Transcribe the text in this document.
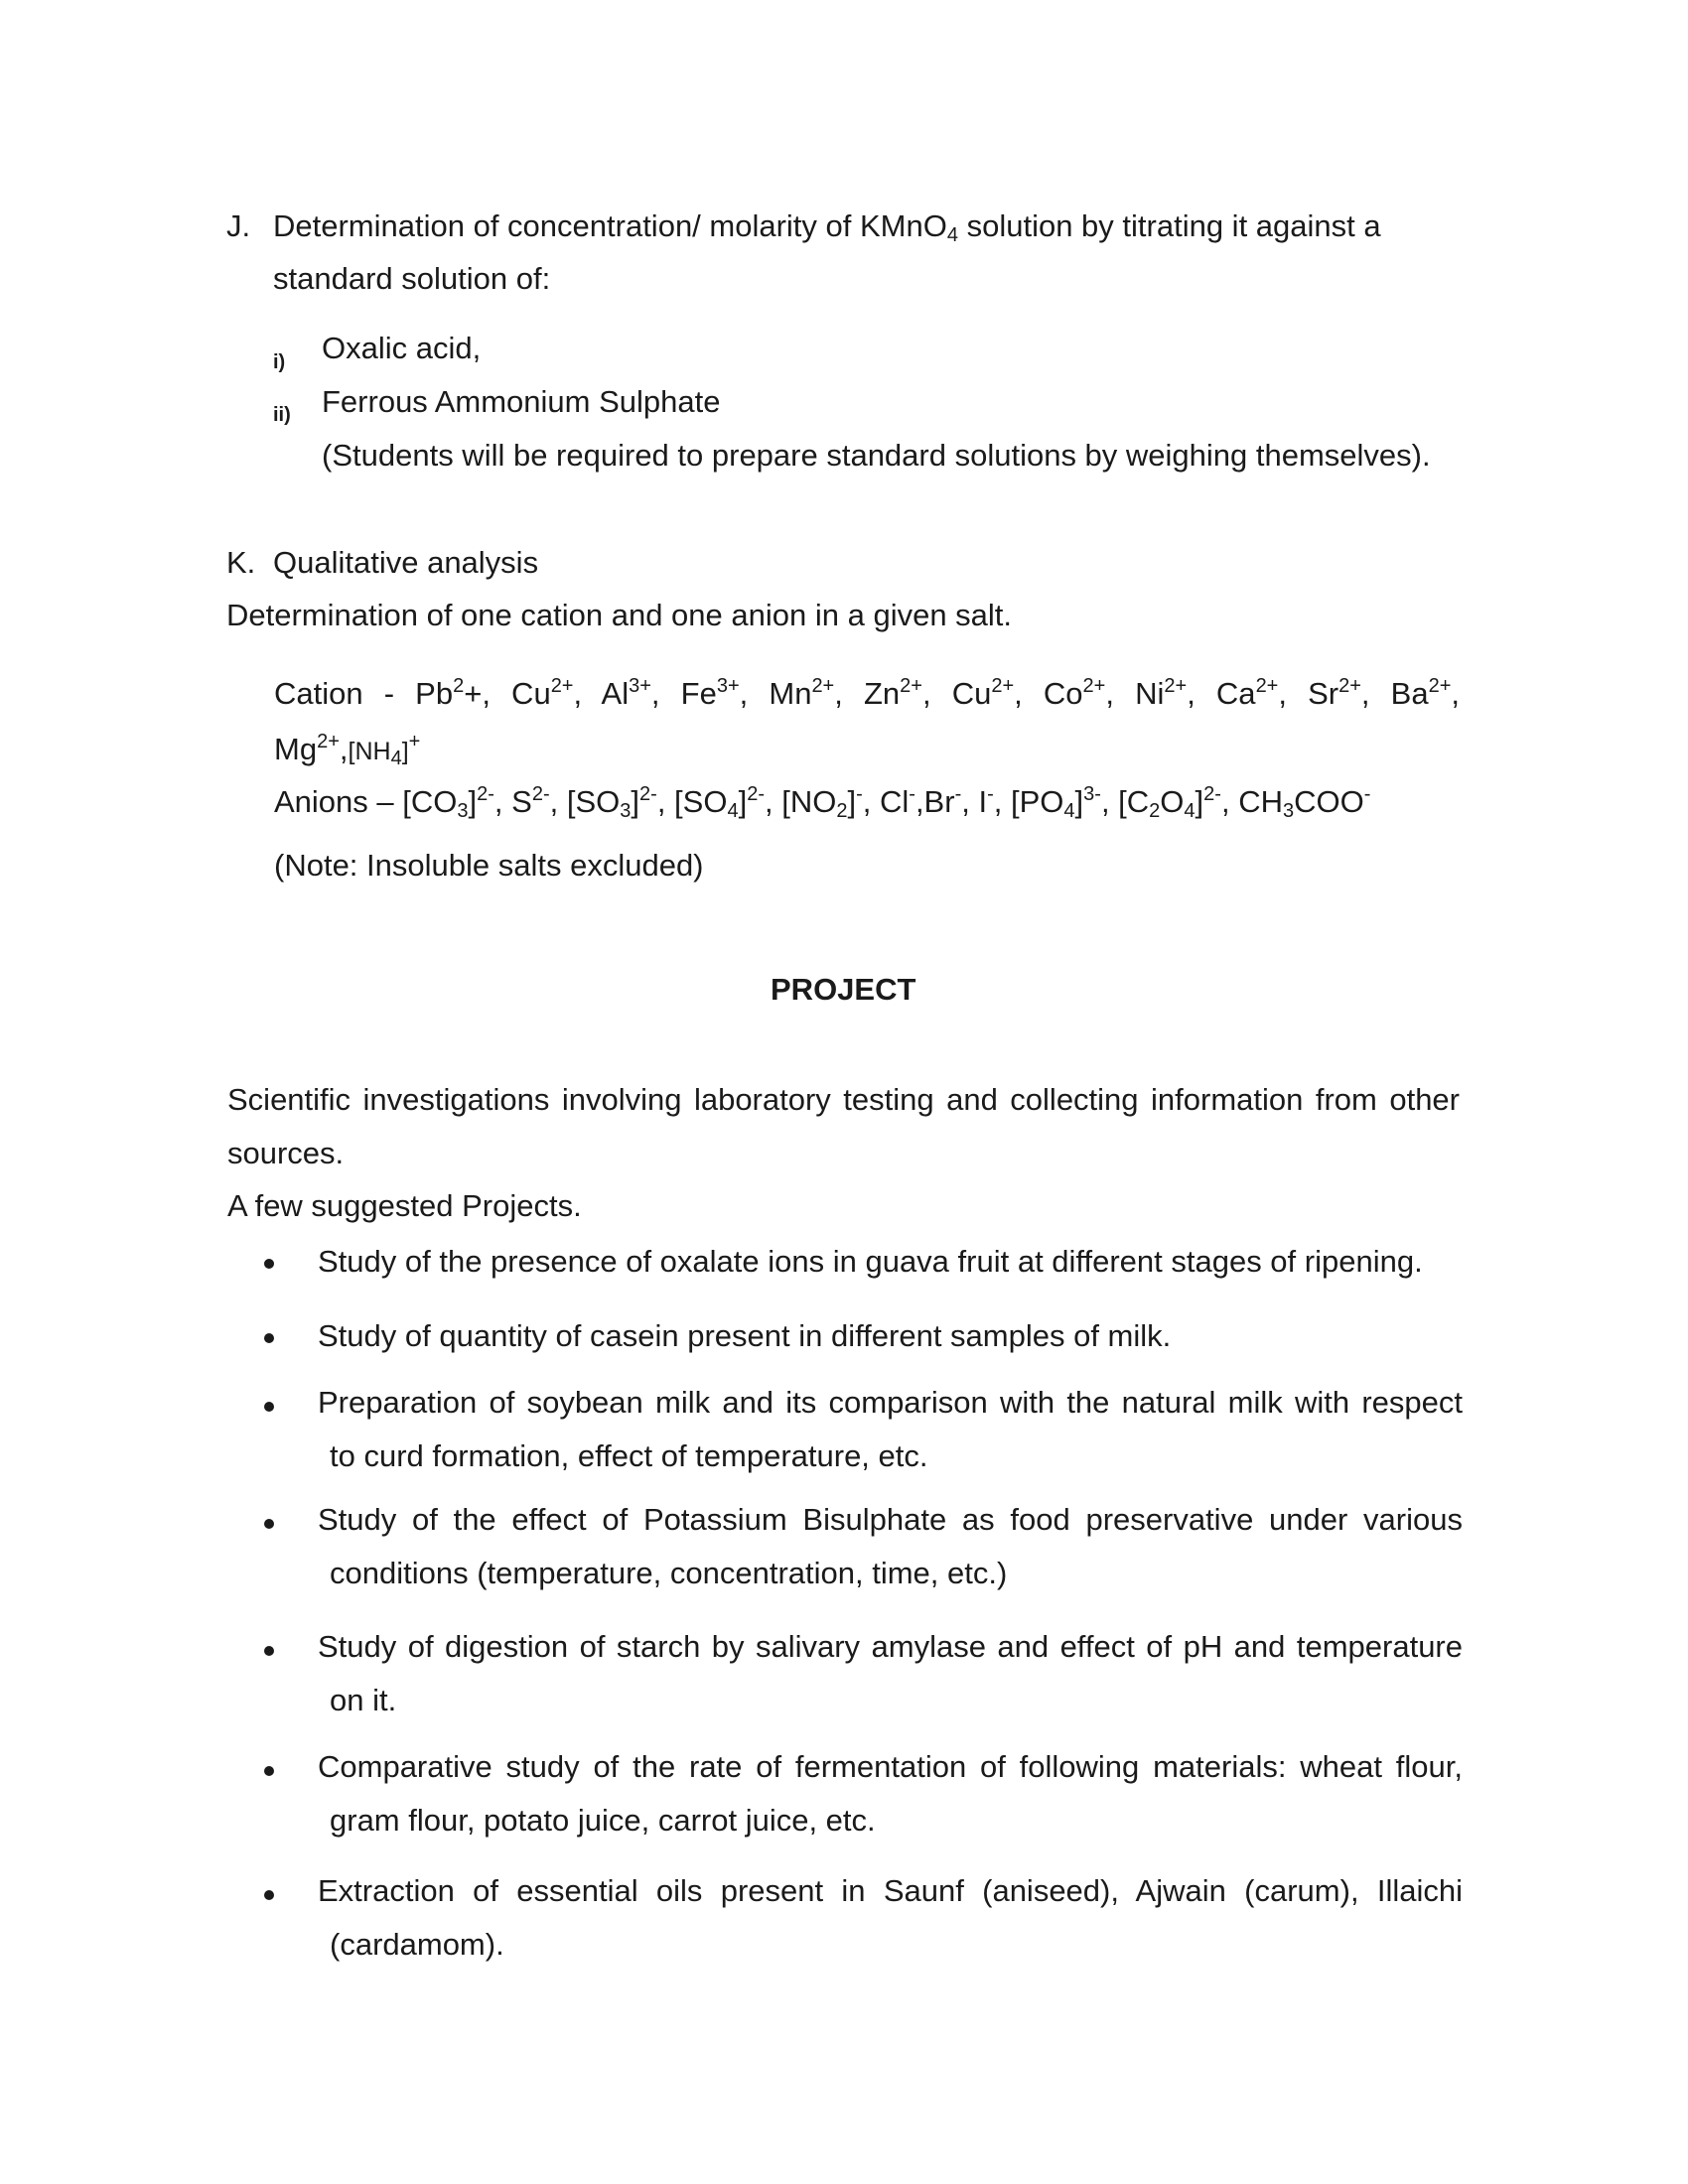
J. Determination of concentration/ molarity of KMnO$_4$ solution by titrating it against a
standard solution of:
i) Oxalic acid,
ii) Ferrous Ammonium Sulphate
(Students will be required to prepare standard solutions by weighing themselves).
K. Qualitative analysis
Determination of one cation and one anion in a given salt.
Cation - $Pb^2+$, $Cu^{2+}$, $Al^{3+}$, $Fe^{3+}$, $Mn^{2+}$, $Zn^{2+}$, $Cu^{2+}$, $Co^{2+}$, $Ni^{2+}$, $Ca^{2+}$, $Sr^{2+}$, $Ba^{2+}$,
$Mg^{2+},[NH_4]^+$
Anions – $[CO_3]^{2-}$, $S^{2-}$, $[SO_3]^{2-}$, $[SO_4]^{2-}$, $[NO_2]^-$, Cl-,Br-, I-, $[PO_4]^{3-}$, $[C_2O_4]^{2-}$, $CH_3COO^-$
(Note: Insoluble salts excluded)
PROJECT
Scientific investigations involving laboratory testing and collecting information from other
sources.
A few suggested Projects.
Study of the presence of oxalate ions in guava fruit at different stages of ripening.
Study of quantity of casein present in different samples of milk.
Preparation of soybean milk and its comparison with the natural milk with respect
to curd formation, effect of temperature, etc.
Study of the effect of Potassium Bisulphate as food preservative under various
conditions (temperature, concentration, time, etc.)
Study of digestion of starch by salivary amylase and effect of pH and temperature
on it.
Comparative study of the rate of fermentation of following materials: wheat flour,
gram flour, potato juice, carrot juice, etc.
Extraction of essential oils present in Saunf (aniseed), Ajwain (carum), Illaichi
(cardamom).
